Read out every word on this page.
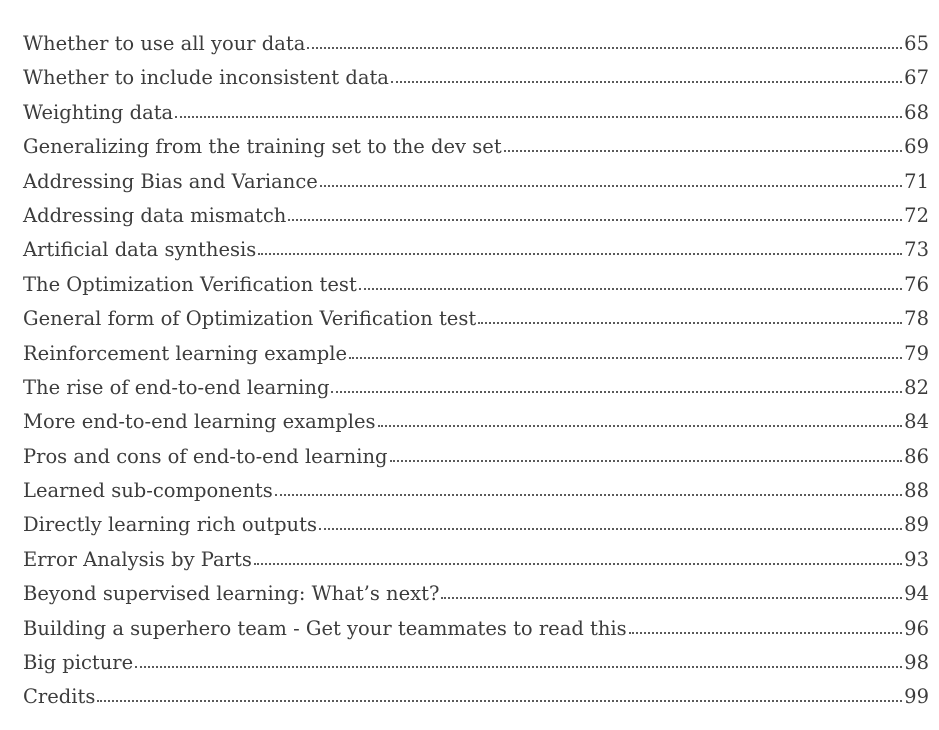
Whether to use all your data	65
Whether to include inconsistent data	67
Weighting data	68
Generalizing from the training set to the dev set	69
Addressing Bias and Variance	71
Addressing data mismatch	72
Artificial data synthesis	73
The Optimization Verification test	76
General form of Optimization Verification test	78
Reinforcement learning example	79
The rise of end-to-end learning	82
More end-to-end learning examples	84
Pros and cons of end-to-end learning	86
Learned sub-components	88
Directly learning rich outputs	89
Error Analysis by Parts	93
Beyond supervised learning: What’s next?	94
Building a superhero team - Get your teammates to read this	96
Big picture	98
Credits	99
